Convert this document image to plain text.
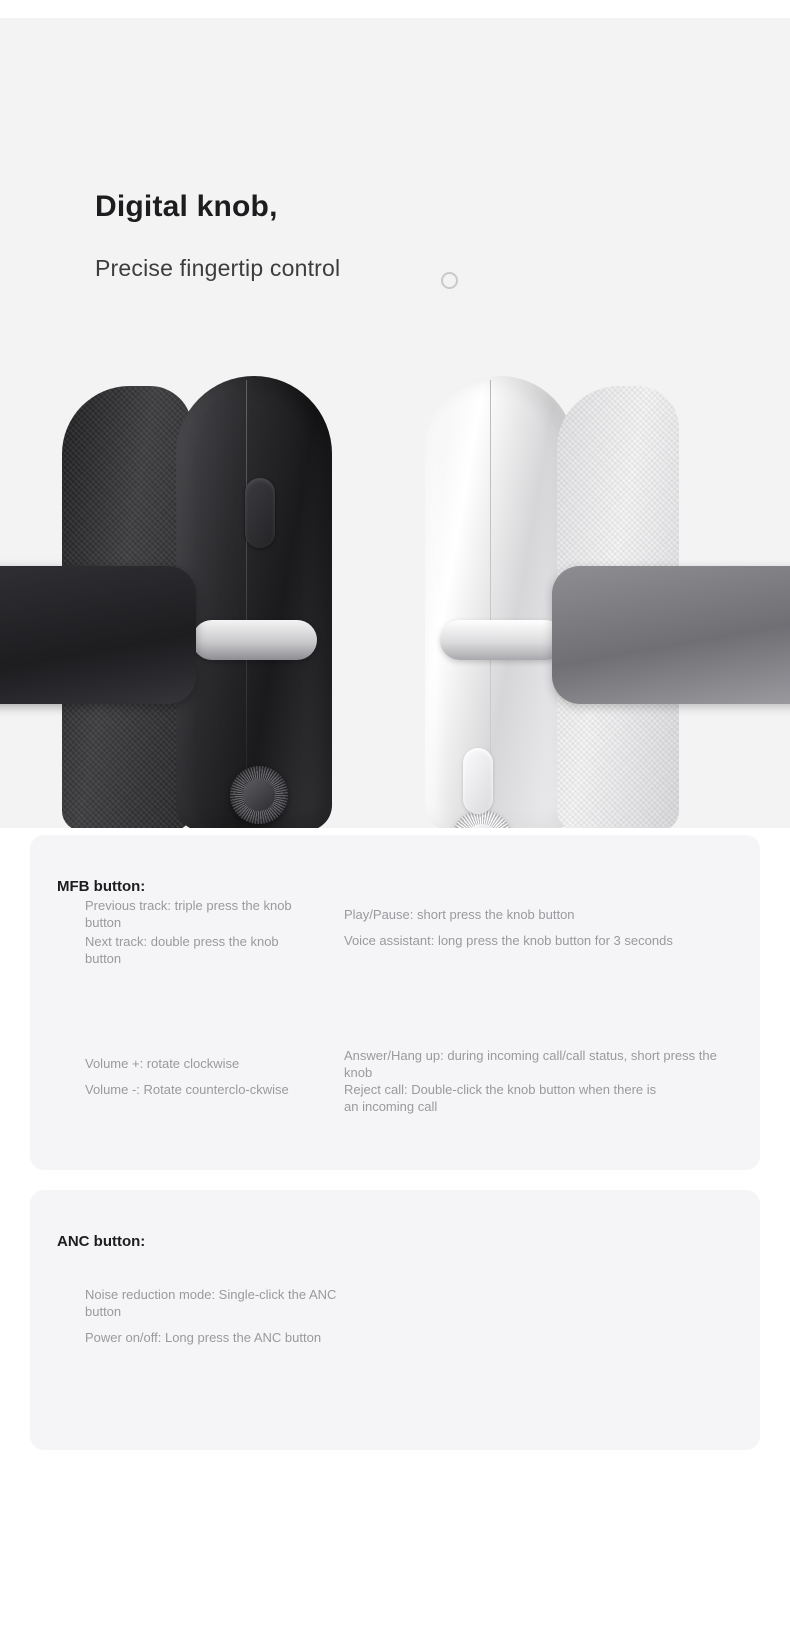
Digital knob,
Precise fingertip control
MFB button:

Previous track: triple press the knob button

Next track: double press the knob button

Volume +: rotate clockwise

Volume -: Rotate counterclo-ckwise

Play/Pause: short press the knob button

Voice assistant: long press the knob button for 3 seconds

Answer/Hang up: during incoming call/call status, short press the knob

Reject call: Double-click the knob button when there is an incoming call

ANC button:

Noise reduction mode: Single-click the ANC button

Power on/off: Long press the ANC button
